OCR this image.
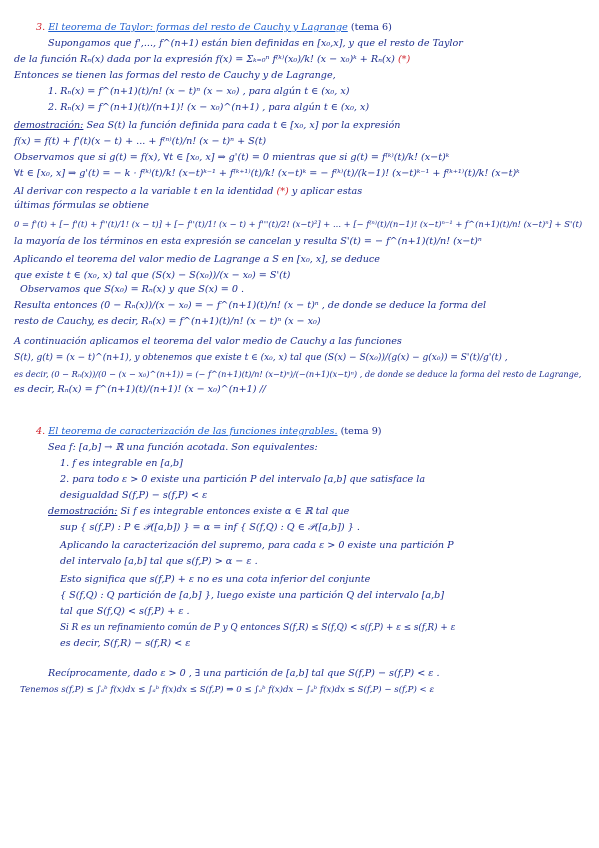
3. El teorema de Taylor: formas del resto de Cauchy y Lagrange (tema 6)
Supongamos que f',..., f^(n+1) están bien definidas en [x₀,x], y que el resto de Taylor
de la función Rₙ(x) dada por la expresión f(x) = Σₖ₌₀ⁿ f⁽ᵏ⁾(x₀)/k! (x − x₀)ᵏ + Rₙ(x) (*)
Entonces se tienen las formas del resto de Cauchy y de Lagrange,
1. Rₙ(x) = f^(n+1)(t)/n! (x − t)ⁿ (x − x₀) , para algún t ∈ (x₀, x)
2. Rₙ(x) = f^(n+1)(t)/(n+1)! (x − x₀)^(n+1) , para algún t ∈ (x₀, x)
demostración: Sea S(t) la función definida para cada t ∈ [x₀, x] por la expresión
f(x) = f(t) + f'(t)(x − t) + ... + f⁽ⁿ⁾(t)/n! (x − t)ⁿ + S(t)
Observamos que si g(t) = f(x), ∀t ∈ [x₀, x] ⇒ g'(t) = 0 mientras que si g(t) = f⁽ᵏ⁾(t)/k! (x−t)ᵏ
∀t ∈ [x₀, x] ⇒ g'(t) = − k · f⁽ᵏ⁾(t)/k! (x−t)ᵏ⁻¹ + f⁽ᵏ⁺¹⁾(t)/k! (x−t)ᵏ = − f⁽ᵏ⁾(t)/(k−1)! (x−t)ᵏ⁻¹ + f⁽ᵏ⁺¹⁾(t)/k! (x−t)ᵏ
Al derivar con respecto a la variable t en la identidad (*) y aplicar estas
últimas fórmulas se obtiene
0 = f'(t) + [− f'(t) + f''(t)/1! (x − t)] + [− f''(t)/1! (x − t) + f'''(t)/2! (x−t)²] + ... + [− f⁽ⁿ⁾(t)/(n−1)! (x−t)ⁿ⁻¹ + f^(n+1)(t)/n! (x−t)ⁿ] + S'(t)
la mayoría de los términos en esta expresión se cancelan y resulta S'(t) = − f^(n+1)(t)/n! (x−t)ⁿ
Aplicando el teorema del valor medio de Lagrange a S en [x₀, x], se deduce
que existe t ∈ (x₀, x) tal que (S(x) − S(x₀))/(x − x₀) = S'(t)
Observamos que S(x₀) = Rₙ(x) y que S(x) = 0 .
Resulta entonces (0 − Rₙ(x))/(x − x₀) = − f^(n+1)(t)/n! (x − t)ⁿ , de donde se deduce la forma del
resto de Cauchy, es decir, Rₙ(x) = f^(n+1)(t)/n! (x − t)ⁿ (x − x₀)
A continuación aplicamos el teorema del valor medio de Cauchy a las funciones
S(t), g(t) = (x − t)^(n+1), y obtenemos que existe t ∈ (x₀, x) tal que (S(x) − S(x₀))/(g(x) − g(x₀)) = S'(t)/g'(t) ,
es decir, (0 − Rₙ(x))/(0 − (x − x₀)^(n+1)) = (− f^(n+1)(t)/n! (x−t)ⁿ)/(−(n+1)(x−t)ⁿ) , de donde se deduce la forma del resto de Lagrange,
es decir, Rₙ(x) = f^(n+1)(t)/(n+1)! (x − x₀)^(n+1) //
4. El teorema de caracterización de las funciones integrables. (tema 9)
Sea f: [a,b] → ℝ una función acotada. Son equivalentes:
1. f es integrable en [a,b]
2. para todo ε > 0 existe una partición P del intervalo [a,b] que satisface la
desigualdad S(f,P) − s(f,P) < ε
demostración: Si f es integrable entonces existe α ∈ ℝ tal que
sup { s(f,P) : P ∈ 𝒫([a,b]) } = α = inf { S(f,Q) : Q ∈ 𝒫([a,b]) } .
Aplicando la caracterización del supremo, para cada ε > 0 existe una partición P
del intervalo [a,b] tal que s(f,P) > α − ε .
Esto significa que s(f,P) + ε no es una cota inferior del conjunte
{ S(f,Q) : Q partición de [a,b] }, luego existe una partición Q del intervalo [a,b]
tal que S(f,Q) < s(f,P) + ε .
Si R es un refinamiento común de P y Q entonces S(f,R) ≤ S(f,Q) < s(f,P) + ε ≤ s(f,R) + ε
es decir, S(f,R) − s(f,R) < ε
Recíprocamente, dado ε > 0 , ∃ una partición de [a,b] tal que S(f,P) − s(f,P) < ε .
Tenemos s(f,P) ≤ ∫ₐᵇ f(x)dx ≤ ∫ₐᵇ f(x)dx ≤ S(f,P) ⇒ 0 ≤ ∫ₐᵇ f(x)dx − ∫ₐᵇ f(x)dx ≤ S(f,P) − s(f,P) < ε
